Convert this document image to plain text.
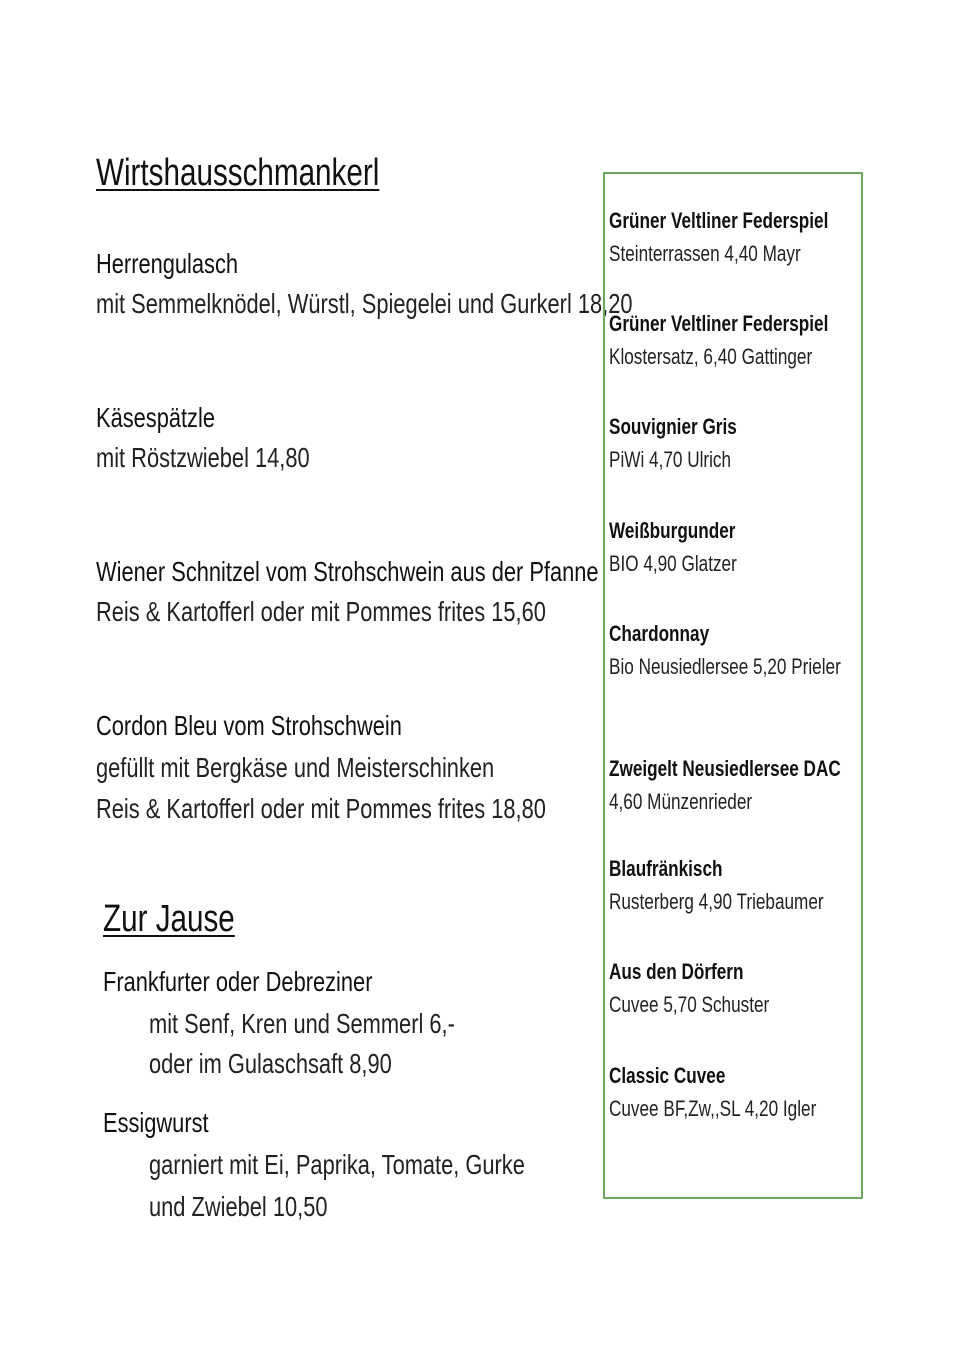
Wirtshausschmankerl
Herrengulasch
mit Semmelknödel, Würstl, Spiegelei und Gurkerl 18,20
Käsespätzle
mit Röstzwiebel 14,80
Wiener Schnitzel vom Strohschwein aus der Pfanne
Reis & Kartofferl oder mit Pommes frites 15,60
Cordon Bleu vom Strohschwein
gefüllt mit Bergkäse und Meisterschinken
Reis & Kartofferl oder mit Pommes frites 18,80
Zur Jause
Frankfurter oder Debreziner
mit Senf, Kren und Semmerl 6,-
oder im Gulaschsaft 8,90
Essigwurst
garniert mit Ei, Paprika, Tomate, Gurke
und Zwiebel 10,50
Grüner Veltliner Federspiel
Steinterrassen 4,40 Mayr
Grüner Veltliner Federspiel
Klostersatz, 6,40 Gattinger
Souvignier Gris
PiWi 4,70 Ulrich
Weißburgunder
BIO 4,90 Glatzer
Chardonnay
Bio Neusiedlersee 5,20 Prieler
Zweigelt Neusiedlersee DAC
4,60 Münzenrieder
Blaufränkisch
Rusterberg 4,90 Triebaumer
Aus den Dörfern
Cuvee 5,70 Schuster
Classic Cuvee
Cuvee BF,Zw,,SL 4,20 Igler
